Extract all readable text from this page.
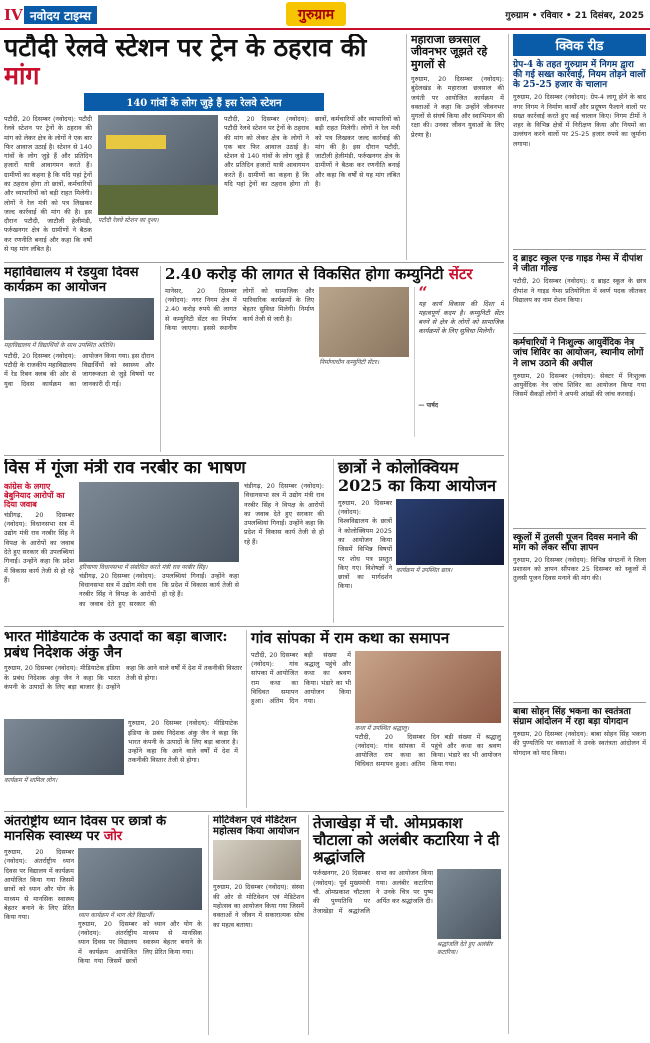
IV नवोदय टाइम्स	गुरुग्राम	गुरुग्राम • रविवार • 21 दिसंबर, 2025
पटौदी रेलवे स्टेशन पर ट्रेन के ठहराव की मांग
140 गांवों के लोग जुड़े हैं इस रेलवे स्टेशन
पटौदी, 20 दिसम्बर (नवोदय): पटौदी रेलवे स्टेशन पर ट्रेनों के ठहराव की मांग को लेकर क्षेत्र के लोगों ने एक बार फिर आवाज उठाई है। स्टेशन से 140 गांवों के लोग जुड़े हैं और प्रतिदिन हजारों यात्री आवागमन करते हैं। ग्रामीणों का कहना है कि यदि यहां ट्रेनों का ठहराव होगा तो छात्रों, कर्मचारियों और व्यापारियों को बड़ी राहत मिलेगी। लोगों ने रेल मंत्री को पत्र लिखकर जल्द कार्रवाई की मांग की है। इस दौरान पटौदी, जाटौली हेलीमंडी, फर्रुखनगर क्षेत्र के ग्रामीणों ने बैठक कर रणनीति बनाई और कहा कि वर्षों से यह मांग लंबित है।
पटौदी रेलवे स्टेशन का दृश्य।
पटौदी, 20 दिसम्बर (नवोदय): पटौदी रेलवे स्टेशन पर ट्रेनों के ठहराव की मांग को लेकर क्षेत्र के लोगों ने एक बार फिर आवाज उठाई है। स्टेशन से 140 गांवों के लोग जुड़े हैं और प्रतिदिन हजारों यात्री आवागमन करते हैं। ग्रामीणों का कहना है कि यदि यहां ट्रेनों का ठहराव होगा तो छात्रों, कर्मचारियों और व्यापारियों को बड़ी राहत मिलेगी। लोगों ने रेल मंत्री को पत्र लिखकर जल्द कार्रवाई की मांग की है। इस दौरान पटौदी, जाटौली हेलीमंडी, फर्रुखनगर क्षेत्र के ग्रामीणों ने बैठक कर रणनीति बनाई और कहा कि वर्षों से यह मांग लंबित है।
महाराजा छत्रसाल जीवनभर जूझते रहे मुगलों से
गुरुग्राम, 20 दिसम्बर (नवोदय): बुंदेलखंड के महाराजा छत्रसाल की जयंती पर आयोजित कार्यक्रम में वक्ताओं ने कहा कि उन्होंने जीवनभर मुगलों से संघर्ष किया और स्वाभिमान की रक्षा की। उनका जीवन युवाओं के लिए प्रेरणा है।
क्विक रीड
ग्रेप-4 के तहत गुरुग्राम में निगम द्वारा की गई सख्त कार्रवाई, नियम तोड़ने वालों के 25-25 हजार के चालान
गुरुग्राम, 20 दिसम्बर (नवोदय): ग्रेप-4 लागू होने के बाद नगर निगम ने निर्माण कार्यों और प्रदूषण फैलाने वालों पर सख्त कार्रवाई करते हुए कई चालान किए। निगम टीमों ने शहर के विभिन्न क्षेत्रों में निरीक्षण किया और नियमों का उल्लंघन करने वालों पर 25-25 हजार रुपये का जुर्माना लगाया।
द ब्राइट स्कूल एन्ड गाइड गेम्स में दीपांश ने जीता गोल्ड
पटौदी, 20 दिसम्बर (नवोदय): द ब्राइट स्कूल के छात्र दीपांश ने गाइड गेम्स प्रतियोगिता में स्वर्ण पदक जीतकर विद्यालय का नाम रोशन किया।
कर्मचारियों ने निःशुल्क आयुर्वेदिक नेत्र जांच शिविर का आयोजन, स्थानीय लोगों ने लाभ उठाने की अपील
गुरुग्राम, 20 दिसम्बर (नवोदय): सेक्टर में निःशुल्क आयुर्वेदिक नेत्र जांच शिविर का आयोजन किया गया जिसमें सैकड़ों लोगों ने अपनी आंखों की जांच करवाई।
स्कूलों में तुलसी पूजन दिवस मनाने की मांग को लेकर सौंपा ज्ञापन
गुरुग्राम, 20 दिसम्बर (नवोदय): विभिन्न संगठनों ने जिला प्रशासन को ज्ञापन सौंपकर 25 दिसम्बर को स्कूलों में तुलसी पूजन दिवस मनाने की मांग की।
बाबा सोहन सिंह भकना का स्वतंत्रता संग्राम आंदोलन में रहा बड़ा योगदान
गुरुग्राम, 20 दिसम्बर (नवोदय): बाबा सोहन सिंह भकना की पुण्यतिथि पर वक्ताओं ने उनके स्वतंत्रता आंदोलन में योगदान को याद किया।
महाविद्यालय में रेडयुवा दिवस कार्यक्रम का आयोजन
महाविद्यालय में विद्यार्थियों के साथ उपस्थित अतिथि।
पटौदी, 20 दिसम्बर (नवोदय): पटौदी के राजकीय महाविद्यालय में रेड रिबन क्लब की ओर से युवा दिवस कार्यक्रम का आयोजन किया गया। इस दौरान विद्यार्थियों को स्वास्थ्य और जागरूकता से जुड़े विषयों पर जानकारी दी गई।
2.40 करोड़ की लागत से विकसित होगा कम्युनिटी सेंटर
मानेसर, 20 दिसम्बर (नवोदय): नगर निगम क्षेत्र में 2.40 करोड़ रुपये की लागत से कम्युनिटी सेंटर का निर्माण किया जाएगा। इससे स्थानीय लोगों को सामाजिक और पारिवारिक कार्यक्रमों के लिए बेहतर सुविधा मिलेगी। निर्माण कार्य तेजी से जारी है।
निर्माणाधीन कम्युनिटी सेंटर।
“
यह कार्य विकास की दिशा में महत्वपूर्ण कदम है। कम्युनिटी सेंटर बनने से क्षेत्र के लोगों को सामाजिक कार्यक्रमों के लिए सुविधा मिलेगी।
— पार्षद
विस में गूंजा मंत्री राव नरबीर का भाषण
कांग्रेस के लगाए बेबुनियाद आरोपों का दिया जवाब
चंडीगढ़, 20 दिसम्बर (नवोदय): विधानसभा सत्र में उद्योग मंत्री राव नरबीर सिंह ने विपक्ष के आरोपों का जवाब देते हुए सरकार की उपलब्धियां गिनाईं। उन्होंने कहा कि प्रदेश में विकास कार्य तेजी से हो रहे हैं।
हरियाणा विधानसभा में संबोधित करते मंत्री राव नरबीर सिंह।
चंडीगढ़, 20 दिसम्बर (नवोदय): विधानसभा सत्र में उद्योग मंत्री राव नरबीर सिंह ने विपक्ष के आरोपों का जवाब देते हुए सरकार की उपलब्धियां गिनाईं। उन्होंने कहा कि प्रदेश में विकास कार्य तेजी से हो रहे हैं।
चंडीगढ़, 20 दिसम्बर (नवोदय): विधानसभा सत्र में उद्योग मंत्री राव नरबीर सिंह ने विपक्ष के आरोपों का जवाब देते हुए सरकार की उपलब्धियां गिनाईं। उन्होंने कहा कि प्रदेश में विकास कार्य तेजी से हो रहे हैं।
छात्रों ने कोलोक्वियम 2025 का किया आयोजन
गुरुग्राम, 20 दिसम्बर (नवोदय): विश्वविद्यालय के छात्रों ने कोलोक्वियम 2025 का आयोजन किया जिसमें विभिन्न विषयों पर शोध पत्र प्रस्तुत किए गए। विशेषज्ञों ने छात्रों का मार्गदर्शन किया।
कार्यक्रम में उपस्थित छात्र।
भारत मीडियाटेक के उत्पादों का बड़ा बाजार: प्रबंध निदेशक अंकु जैन
गुरुग्राम, 20 दिसम्बर (नवोदय): मीडियाटेक इंडिया के प्रबंध निदेशक अंकु जैन ने कहा कि भारत कंपनी के उत्पादों के लिए बड़ा बाजार है। उन्होंने कहा कि आने वाले वर्षों में देश में तकनीकी विस्तार तेजी से होगा।
कार्यक्रम में शामिल लोग।
गुरुग्राम, 20 दिसम्बर (नवोदय): मीडियाटेक इंडिया के प्रबंध निदेशक अंकु जैन ने कहा कि भारत कंपनी के उत्पादों के लिए बड़ा बाजार है। उन्होंने कहा कि आने वाले वर्षों में देश में तकनीकी विस्तार तेजी से होगा।
गांव सांपका में राम कथा का समापन
पटौदी, 20 दिसम्बर (नवोदय): गांव सांपका में आयोजित राम कथा का विधिवत समापन हुआ। अंतिम दिन बड़ी संख्या में श्रद्धालु पहुंचे और कथा का श्रवण किया। भंडारे का भी आयोजन किया गया।
कथा में उपस्थित श्रद्धालु।
पटौदी, 20 दिसम्बर (नवोदय): गांव सांपका में आयोजित राम कथा का विधिवत समापन हुआ। अंतिम दिन बड़ी संख्या में श्रद्धालु पहुंचे और कथा का श्रवण किया। भंडारे का भी आयोजन किया गया।
अंतर्राष्ट्रीय ध्यान दिवस पर छात्रों के मानसिक स्वास्थ्य पर जोर
गुरुग्राम, 20 दिसम्बर (नवोदय): अंतर्राष्ट्रीय ध्यान दिवस पर विद्यालय में कार्यक्रम आयोजित किया गया जिसमें छात्रों को ध्यान और योग के माध्यम से मानसिक स्वास्थ्य बेहतर बनाने के लिए प्रेरित किया गया।	ध्यान कार्यक्रम में भाग लेते विद्यार्थी।
गुरुग्राम, 20 दिसम्बर (नवोदय): अंतर्राष्ट्रीय ध्यान दिवस पर विद्यालय में कार्यक्रम आयोजित किया गया जिसमें छात्रों को ध्यान और योग के माध्यम से मानसिक स्वास्थ्य बेहतर बनाने के लिए प्रेरित किया गया।
मोटिवेशन एवं मेडिटेशन महोत्सव किया आयोजन
गुरुग्राम, 20 दिसम्बर (नवोदय): संस्था की ओर से मोटिवेशन एवं मेडिटेशन महोत्सव का आयोजन किया गया जिसमें वक्ताओं ने जीवन में सकारात्मक सोच का महत्व बताया।
तेजाखेड़ा में चौ. ओमप्रकाश चौटाला को अलंबीर कटारिया ने दी श्रद्धांजलि
फर्रुखनगर, 20 दिसम्बर (नवोदय): पूर्व मुख्यमंत्री चौ. ओमप्रकाश चौटाला की पुण्यतिथि पर तेजाखेड़ा में श्रद्धांजलि सभा का आयोजन किया गया। अलंबीर कटारिया ने उनके चित्र पर पुष्प अर्पित कर श्रद्धांजलि दी।
श्रद्धांजलि देते हुए अलंबीर कटारिया।
